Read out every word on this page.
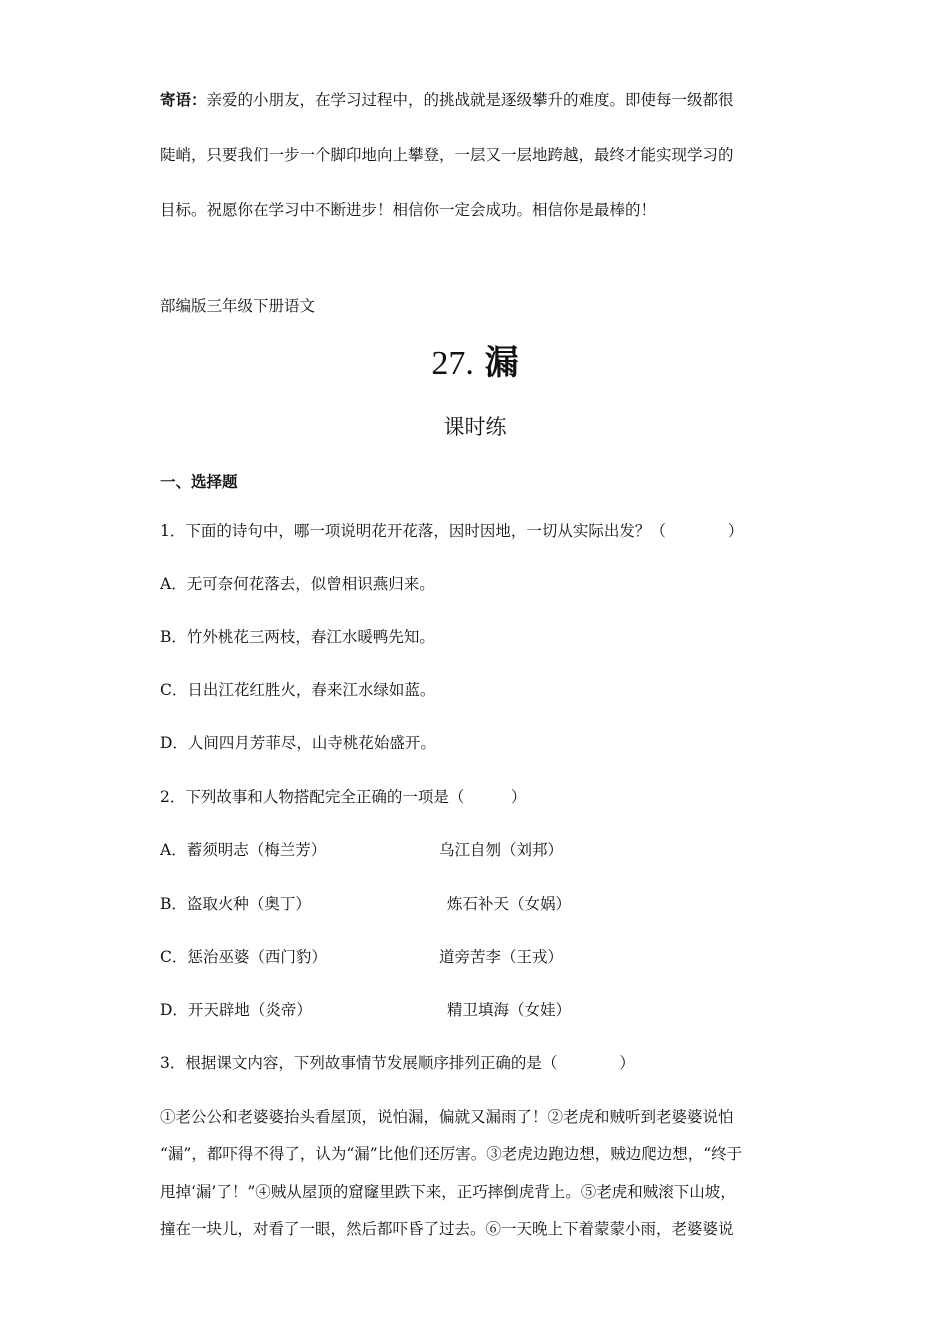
寄语：亲爱的小朋友，在学习过程中，的挑战就是逐级攀升的难度。即使每一级都很
陡峭，只要我们一步一个脚印地向上攀登，一层又一层地跨越，最终才能实现学习的
目标。祝愿你在学习中不断进步！相信你一定会成功。相信你是最棒的！
部编版三年级下册语文
27. 漏
课时练
一、选择题
1．下面的诗句中，哪一项说明花开花落，因时因地，一切从实际出发？（　　　　）
A．无可奈何花落去，似曾相识燕归来。
B．竹外桃花三两枝，春江水暖鸭先知。
C．日出江花红胜火，春来江水绿如蓝。
D．人间四月芳菲尽，山寺桃花始盛开。
2．下列故事和人物搭配完全正确的一项是（　　　）
A．蓄须明志（梅兰芳）	乌江自刎（刘邦）
B．盗取火种（奥丁）	炼石补天（女娲）
C．惩治巫婆（西门豹）	道旁苦李（王戎）
D．开天辟地（炎帝）	精卫填海（女娃）
3．根据课文内容，下列故事情节发展顺序排列正确的是（　　　　）
①老公公和老婆婆抬头看屋顶，说怕漏，偏就又漏雨了！②老虎和贼听到老婆婆说怕
“漏”，都吓得不得了，认为“漏”比他们还厉害。③老虎边跑边想，贼边爬边想，“终于
甩掉‘漏’了！”④贼从屋顶的窟窿里跌下来，正巧摔倒虎背上。⑤老虎和贼滚下山坡，
撞在一块儿，对看了一眼，然后都吓昏了过去。⑥一天晚上下着蒙蒙小雨，老婆婆说
